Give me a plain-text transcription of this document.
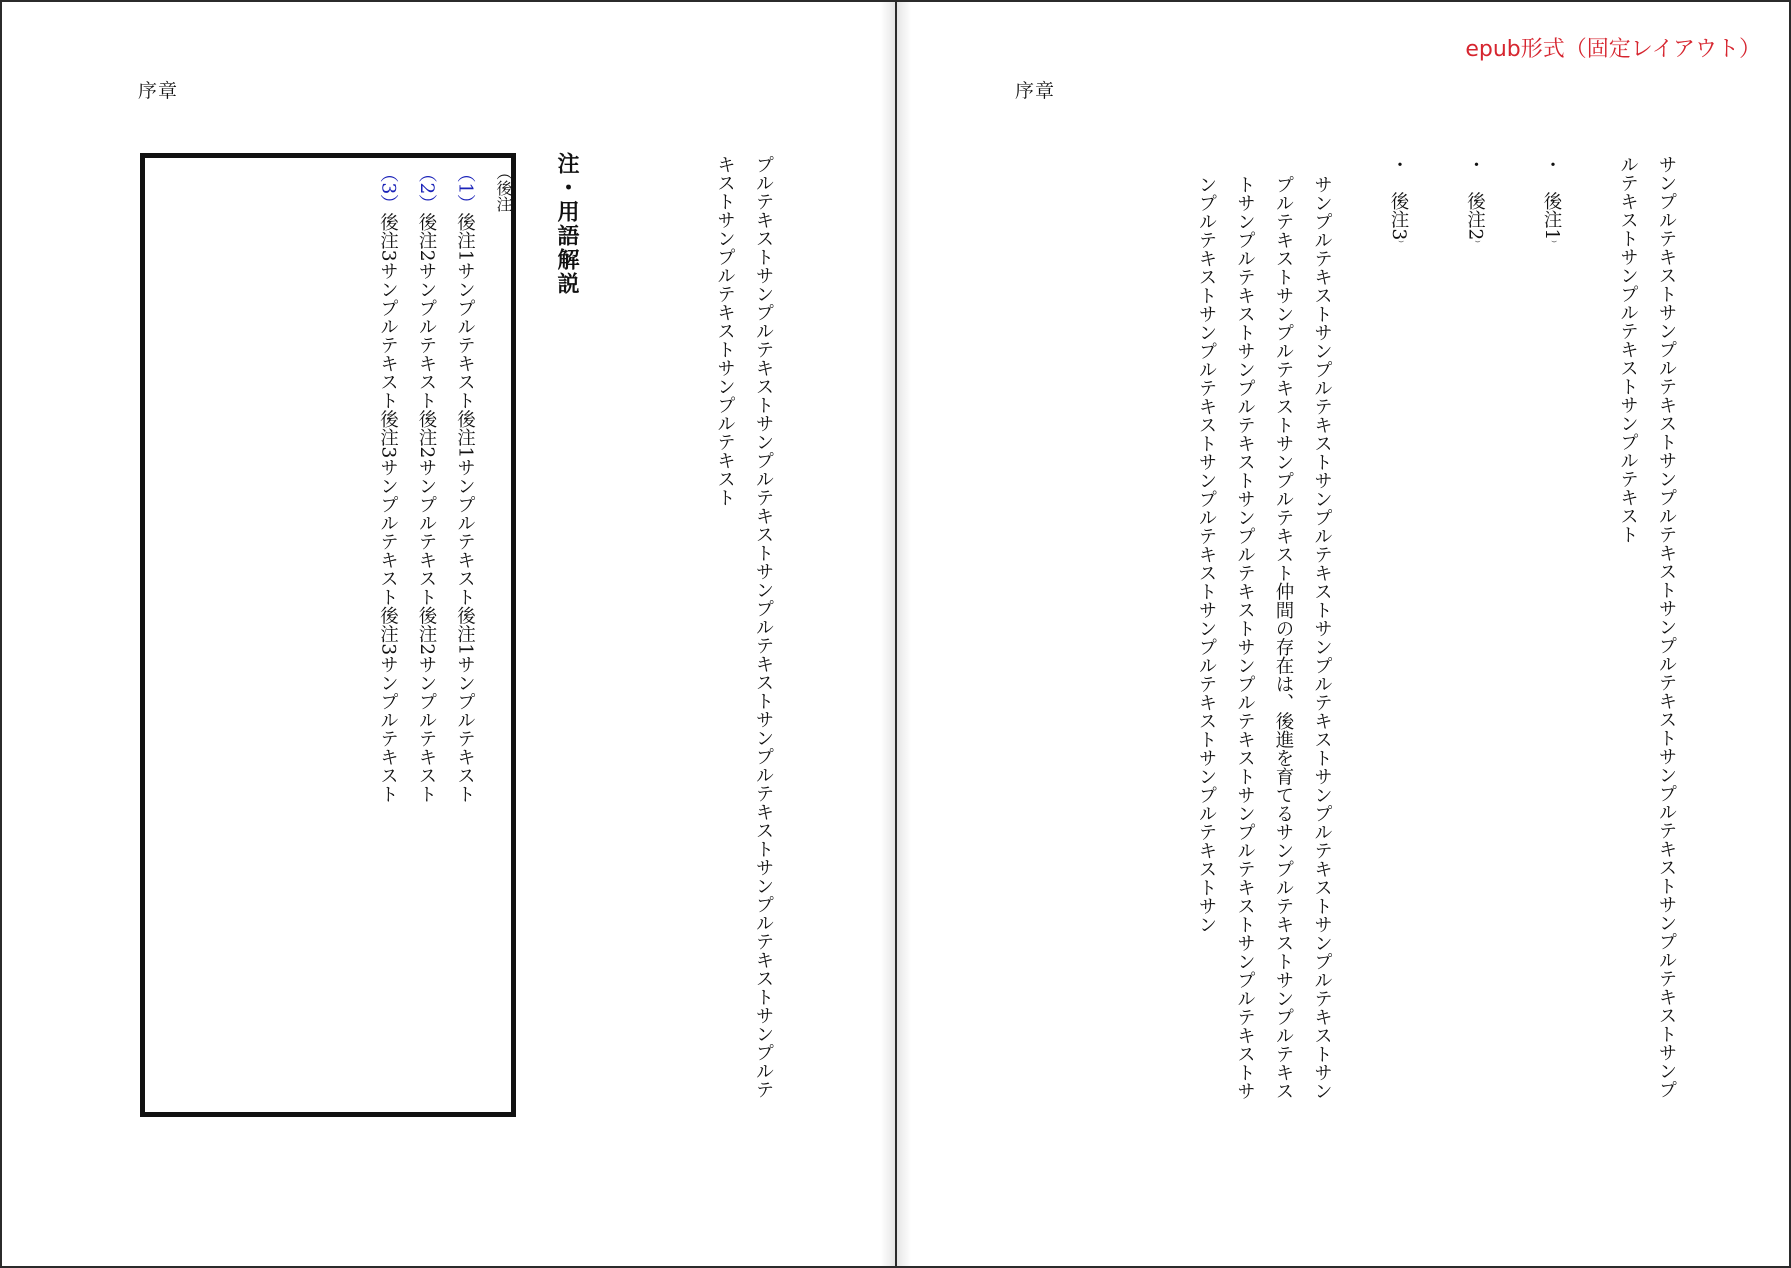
序章

プルテキストサンプルテキストサンプルテキストサンプルテキストサンプルテキストサンプルテキストサンプルテキストサンプルテキストサンプルテキスト

注・用語解説

（後注

（1）後注1サンプルテキスト後注1サンプルテキスト後注1サンプルテキスト

（2）後注2サンプルテキスト後注2サンプルテキスト後注2サンプルテキスト

（3）後注3サンプルテキスト後注3サンプルテキスト後注3サンプルテキスト

epub形式（固定レイアウト）
序章

サンプルテキストサンプルテキストサンプルテキストサンプルテキストサンプルテキストサンプルテキストサンプルテキストサンプルテキストサンプルテキスト

・後注1⁾
・後注2⁾
・後注3⁾

サンプルテキストサンプルテキストサンプルテキストサンプルテキストサンプルテキストサンプルテキストサンプルテキストサンプルテキストサンプルテキスト仲間の存在は、後進を育てるサンプルテキストサンプルテキストサンプルテキストサンプルテキストサンプルテキストサンプルテキストサンプルテキストサンプルテキストサンプルテキストサンプルテキストサンプルテキストサンプルテキストサンプルテキストサン
